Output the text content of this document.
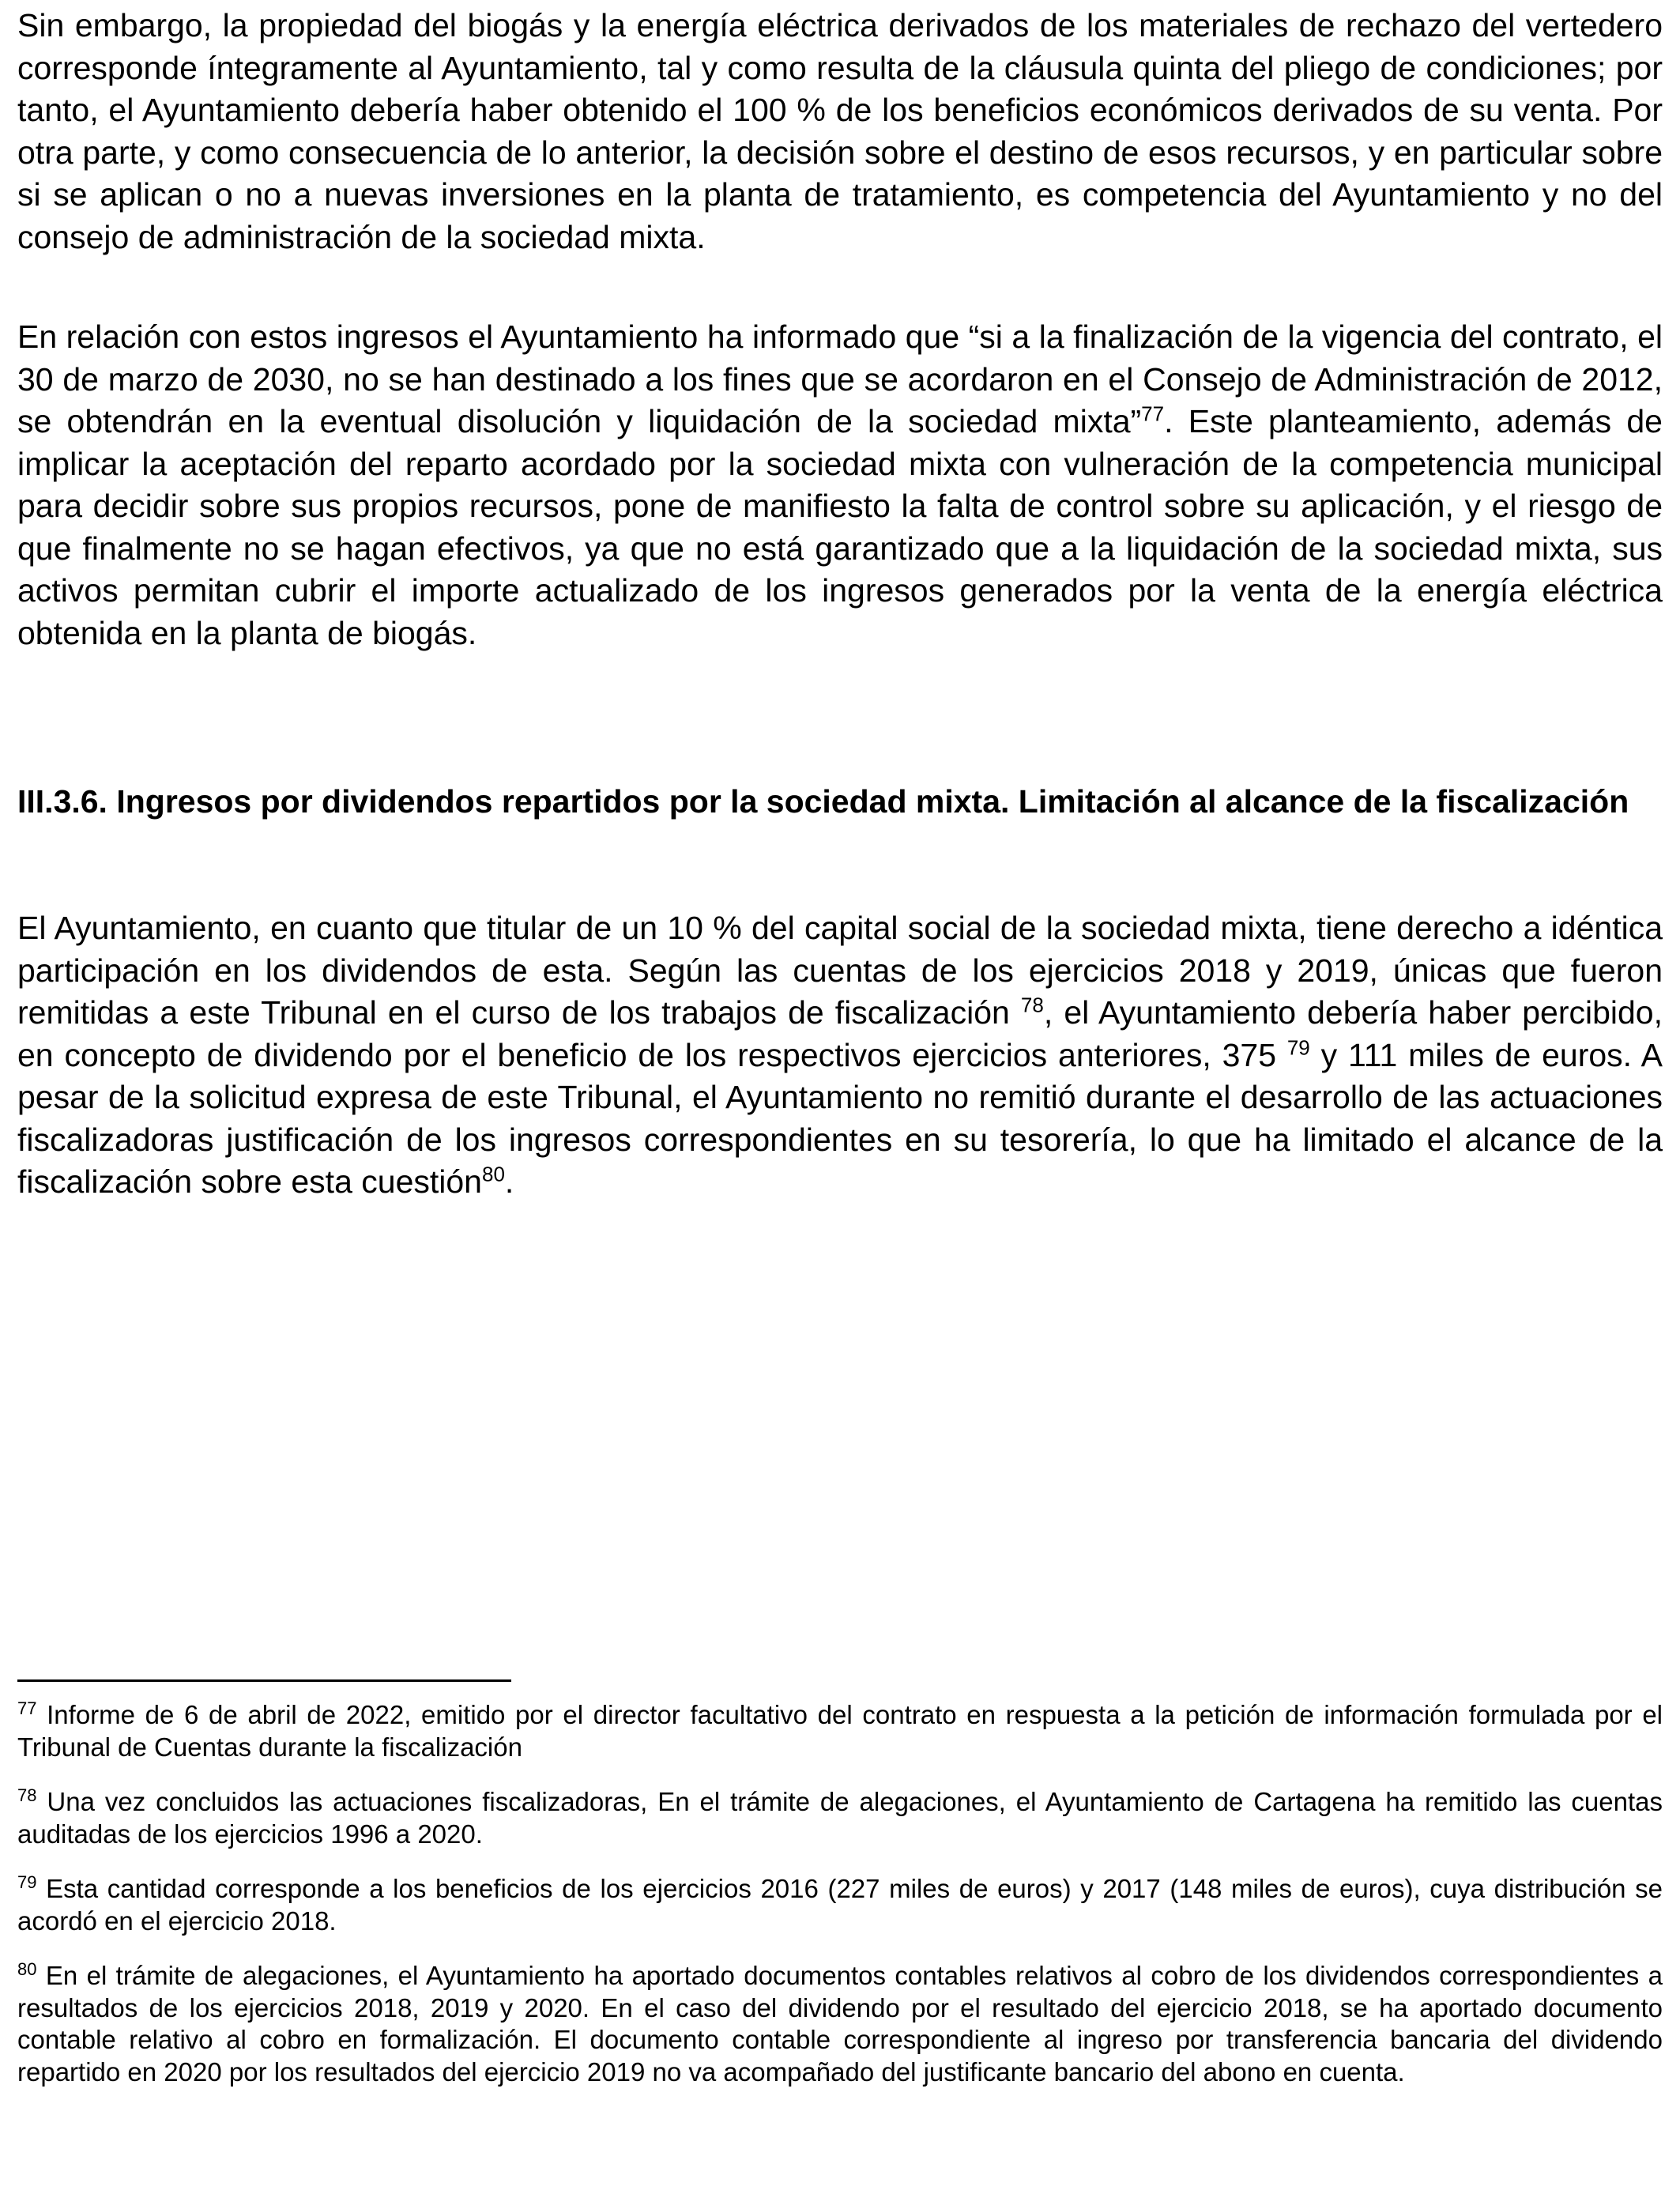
Sin embargo, la propiedad del biogás y la energía eléctrica derivados de los materiales de rechazo del vertedero corresponde íntegramente al Ayuntamiento, tal y como resulta de la cláusula quinta del pliego de condiciones; por tanto, el Ayuntamiento debería haber obtenido el 100 % de los beneficios económicos derivados de su venta. Por otra parte, y como consecuencia de lo anterior, la decisión sobre el destino de esos recursos, y en particular sobre si se aplican o no a nuevas inversiones en la planta de tratamiento, es competencia del Ayuntamiento y no del consejo de administración de la sociedad mixta.

En relación con estos ingresos el Ayuntamiento ha informado que “si a la finalización de la vigencia del contrato, el 30 de marzo de 2030, no se han destinado a los fines que se acordaron en el Consejo de Administración de 2012, se obtendrán en la eventual disolución y liquidación de la sociedad mixta”$^{77}$. Este planteamiento, además de implicar la aceptación del reparto acordado por la sociedad mixta con vulneración de la competencia municipal para decidir sobre sus propios recursos, pone de manifiesto la falta de control sobre su aplicación, y el riesgo de que finalmente no se hagan efectivos, ya que no está garantizado que a la liquidación de la sociedad mixta, sus activos permitan cubrir el importe actualizado de los ingresos generados por la venta de la energía eléctrica obtenida en la planta de biogás.

III.3.6. Ingresos por dividendos repartidos por la sociedad mixta. Limitación al alcance de la fiscalización

El Ayuntamiento, en cuanto que titular de un 10 % del capital social de la sociedad mixta, tiene derecho a idéntica participación en los dividendos de esta. Según las cuentas de los ejercicios 2018 y 2019, únicas que fueron remitidas a este Tribunal en el curso de los trabajos de fiscalización $^{78}$, el Ayuntamiento debería haber percibido, en concepto de dividendo por el beneficio de los respectivos ejercicios anteriores, 375 $^{79}$ y 111 miles de euros. A pesar de la solicitud expresa de este Tribunal, el Ayuntamiento no remitió durante el desarrollo de las actuaciones fiscalizadoras justificación de los ingresos correspondientes en su tesorería, lo que ha limitado el alcance de la fiscalización sobre esta cuestión$^{80}$.

$^{77}$ Informe de 6 de abril de 2022, emitido por el director facultativo del contrato en respuesta a la petición de información formulada por el Tribunal de Cuentas durante la fiscalización

$^{78}$ Una vez concluidos las actuaciones fiscalizadoras, En el trámite de alegaciones, el Ayuntamiento de Cartagena ha remitido las cuentas auditadas de los ejercicios 1996 a 2020.

$^{79}$ Esta cantidad corresponde a los beneficios de los ejercicios 2016 (227 miles de euros) y 2017 (148 miles de euros), cuya distribución se acordó en el ejercicio 2018.

$^{80}$ En el trámite de alegaciones, el Ayuntamiento ha aportado documentos contables relativos al cobro de los dividendos correspondientes a resultados de los ejercicios 2018, 2019 y 2020. En el caso del dividendo por el resultado del ejercicio 2018, se ha aportado documento contable relativo al cobro en formalización. El documento contable correspondiente al ingreso por transferencia bancaria del dividendo repartido en 2020 por los resultados del ejercicio 2019 no va acompañado del justificante bancario del abono en cuenta.
